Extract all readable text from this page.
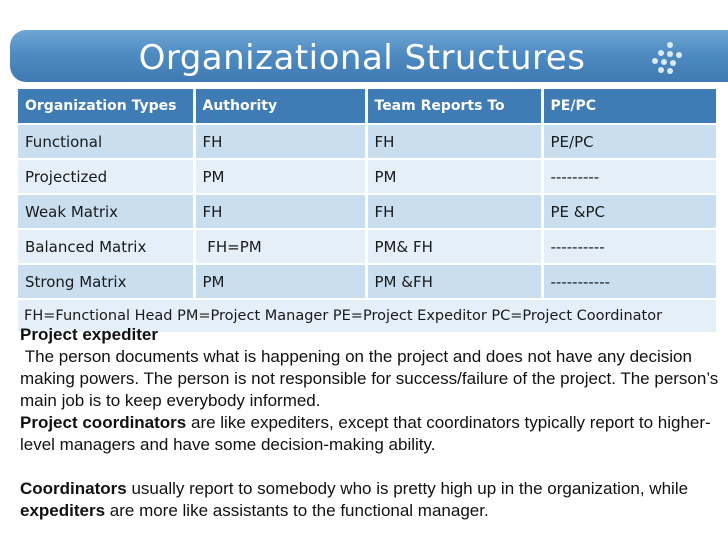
Organizational Structures
Organization Types	Authority	Team Reports To	PE/PC
Functional	FH	FH	PE/PC
Projectized	PM	PM	---------
Weak Matrix	FH	FH	PE &PC
Balanced Matrix	FH=PM	PM& FH	----------
Strong Matrix	PM	PM &FH	-----------
FH=Functional Head PM=Project Manager PE=Project Expeditor PC=Project Coordinator			

Project expediter

The person documents what is happening on the project and does not have any decision making powers. The person is not responsible for success/failure of the project. The person’s main job is to keep everybody informed.

Project coordinators are like expediters, except that coordinators typically report to higher-level managers and have some decision-making ability.

Coordinators usually report to somebody who is pretty high up in the organization, while expediters are more like assistants to the functional manager.
